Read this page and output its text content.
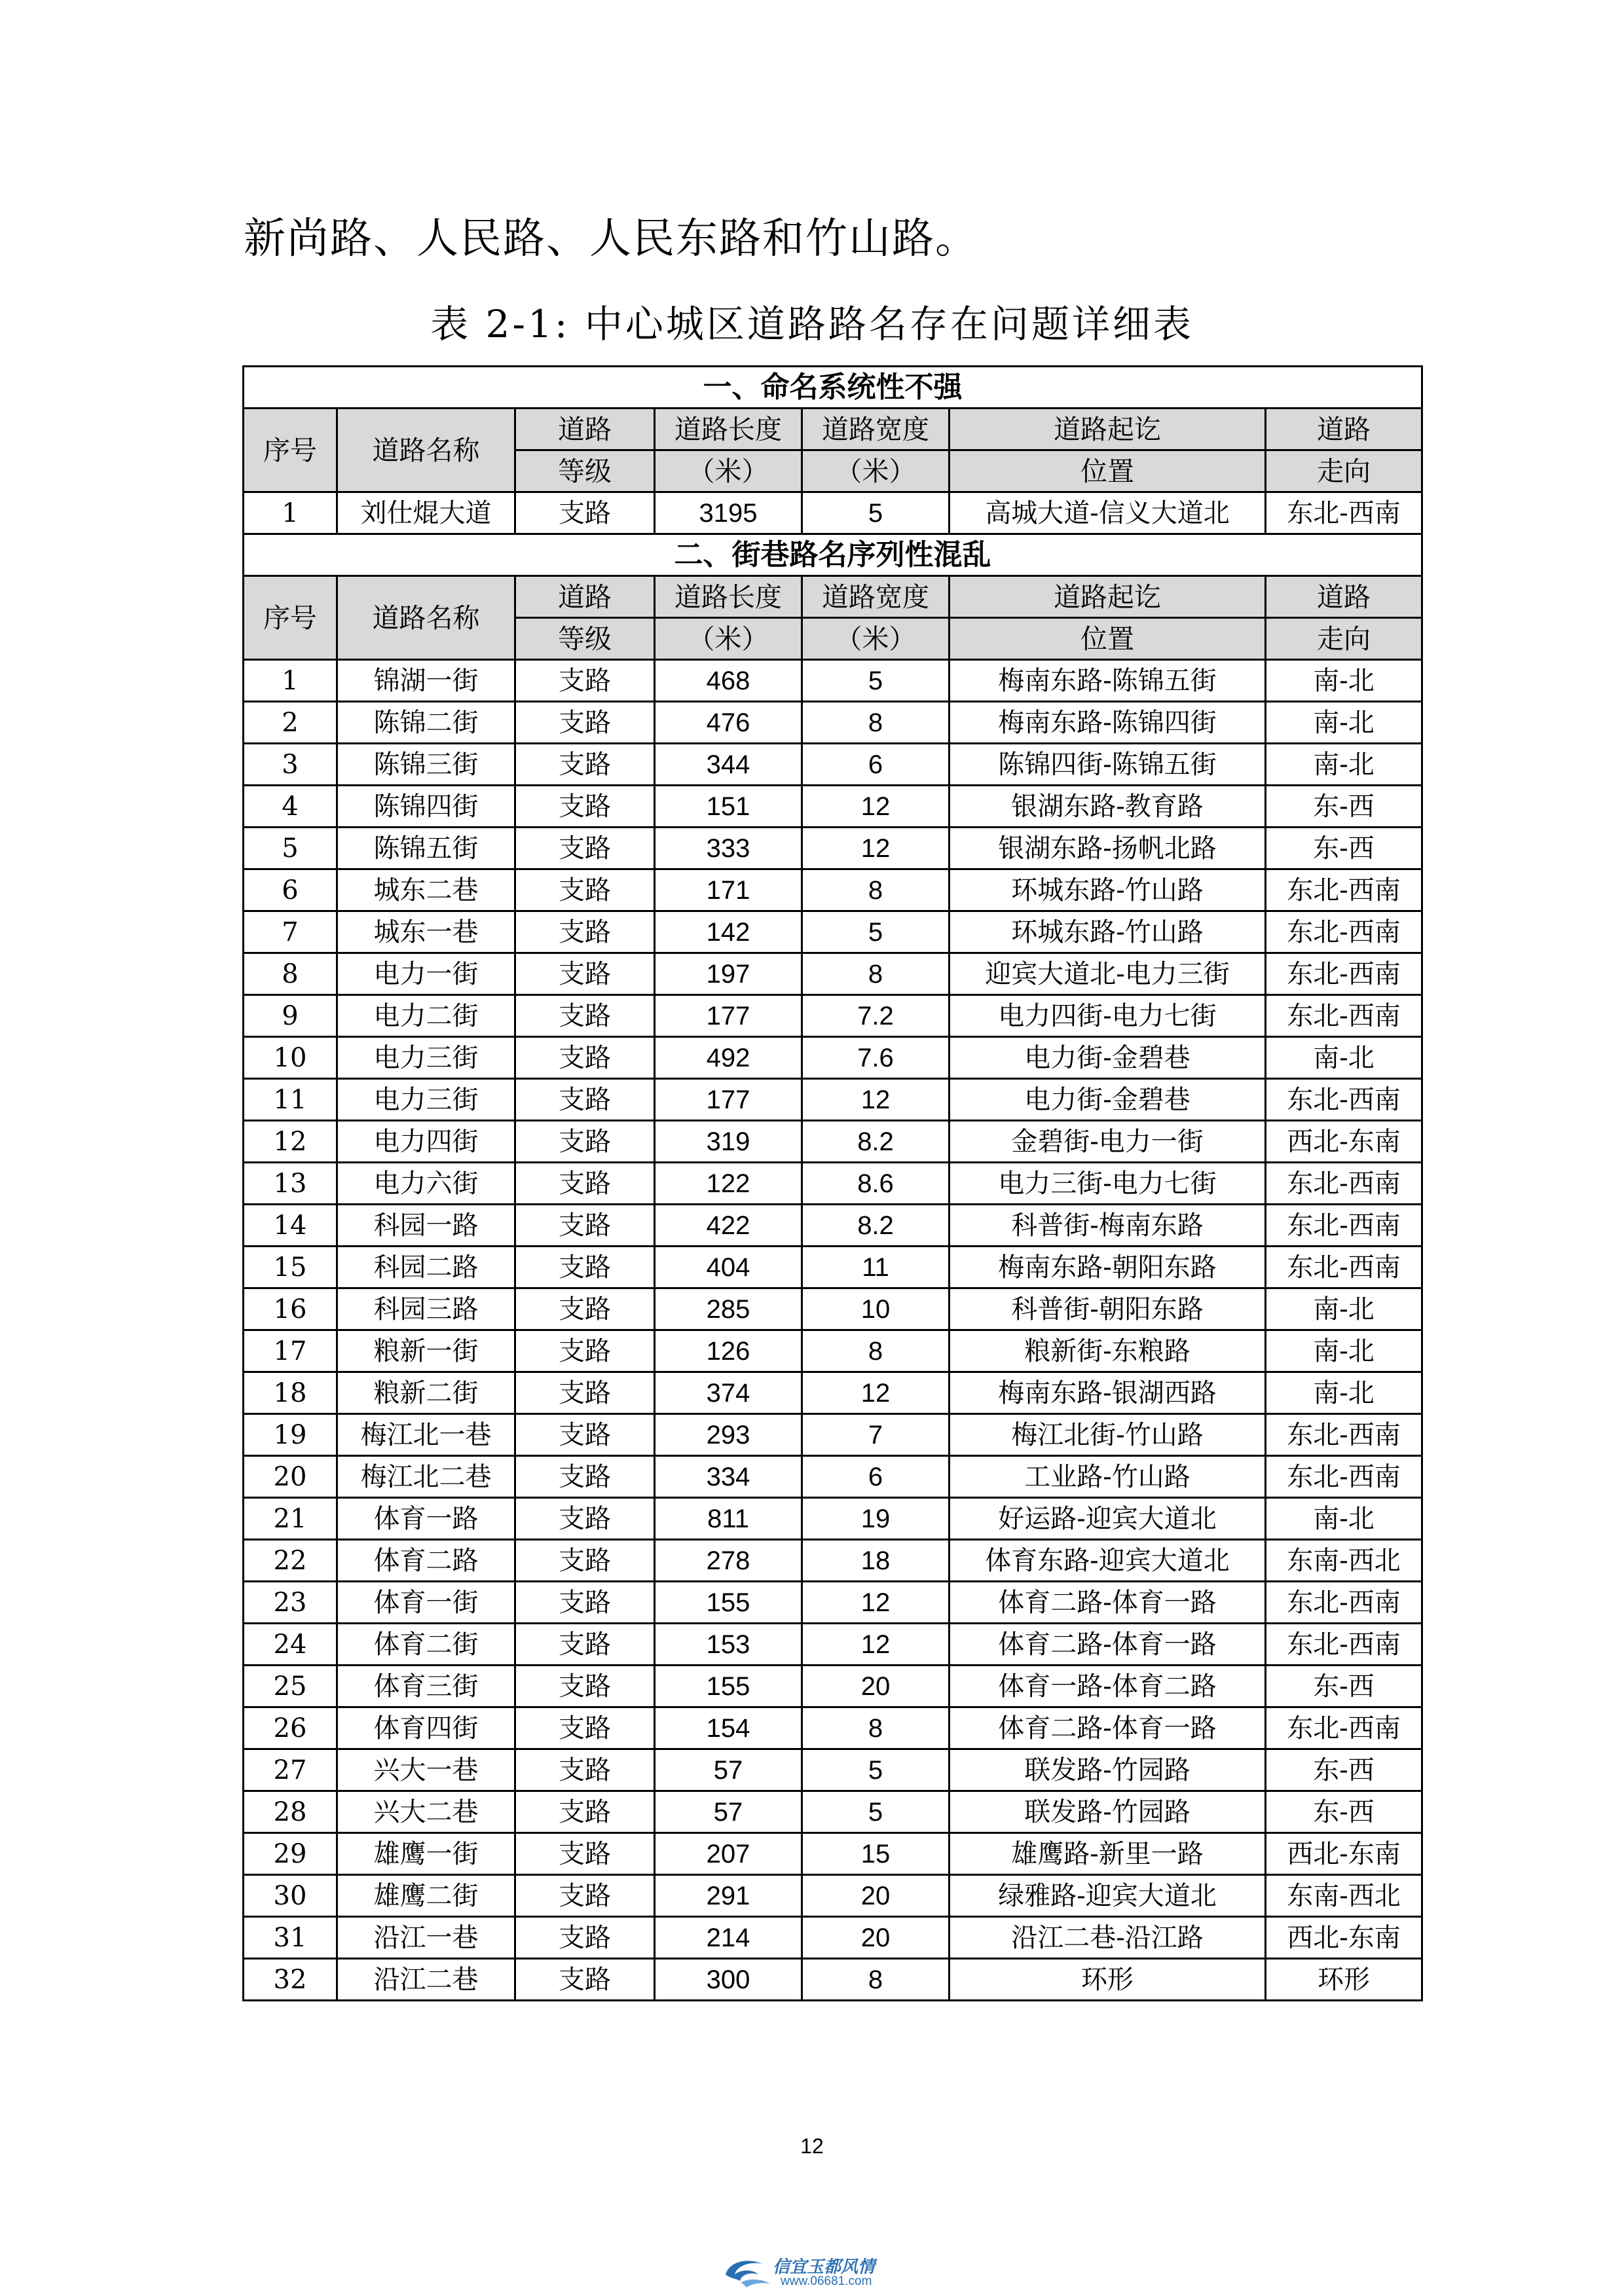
新尚路、人民路、人民东路和竹山路。
表 2-1: 中心城区道路路名存在问题详细表
一、命名系统性不强						
序号	道路名称	道路	道路长度	道路宽度	道路起讫	道路
		等级	（米）	（米）	位置	走向
1	刘仕焜大道	支路	3195	5	高城大道-信义大道北	东北-西南
二、街巷路名序列性混乱						
序号	道路名称	道路	道路长度	道路宽度	道路起讫	道路
		等级	（米）	（米）	位置	走向
1	锦湖一街	支路	468	5	梅南东路-陈锦五街	南-北
2	陈锦二街	支路	476	8	梅南东路-陈锦四街	南-北
3	陈锦三街	支路	344	6	陈锦四街-陈锦五街	南-北
4	陈锦四街	支路	151	12	银湖东路-教育路	东-西
5	陈锦五街	支路	333	12	银湖东路-扬帆北路	东-西
6	城东二巷	支路	171	8	环城东路-竹山路	东北-西南
7	城东一巷	支路	142	5	环城东路-竹山路	东北-西南
8	电力一街	支路	197	8	迎宾大道北-电力三街	东北-西南
9	电力二街	支路	177	7.2	电力四街-电力七街	东北-西南
10	电力三街	支路	492	7.6	电力街-金碧巷	南-北
11	电力三街	支路	177	12	电力街-金碧巷	东北-西南
12	电力四街	支路	319	8.2	金碧街-电力一街	西北-东南
13	电力六街	支路	122	8.6	电力三街-电力七街	东北-西南
14	科园一路	支路	422	8.2	科普街-梅南东路	东北-西南
15	科园二路	支路	404	11	梅南东路-朝阳东路	东北-西南
16	科园三路	支路	285	10	科普街-朝阳东路	南-北
17	粮新一街	支路	126	8	粮新街-东粮路	南-北
18	粮新二街	支路	374	12	梅南东路-银湖西路	南-北
19	梅江北一巷	支路	293	7	梅江北街-竹山路	东北-西南
20	梅江北二巷	支路	334	6	工业路-竹山路	东北-西南
21	体育一路	支路	811	19	好运路-迎宾大道北	南-北
22	体育二路	支路	278	18	体育东路-迎宾大道北	东南-西北
23	体育一街	支路	155	12	体育二路-体育一路	东北-西南
24	体育二街	支路	153	12	体育二路-体育一路	东北-西南
25	体育三街	支路	155	20	体育一路-体育二路	东-西
26	体育四街	支路	154	8	体育二路-体育一路	东北-西南
27	兴大一巷	支路	57	5	联发路-竹园路	东-西
28	兴大二巷	支路	57	5	联发路-竹园路	东-西
29	雄鹰一街	支路	207	15	雄鹰路-新里一路	西北-东南
30	雄鹰二街	支路	291	20	绿雅路-迎宾大道北	东南-西北
31	沿江一巷	支路	214	20	沿江二巷-沿江路	西北-东南
32	沿江二巷	支路	300	8	环形	环形
12
信宜玉都风情
www.06681.com
